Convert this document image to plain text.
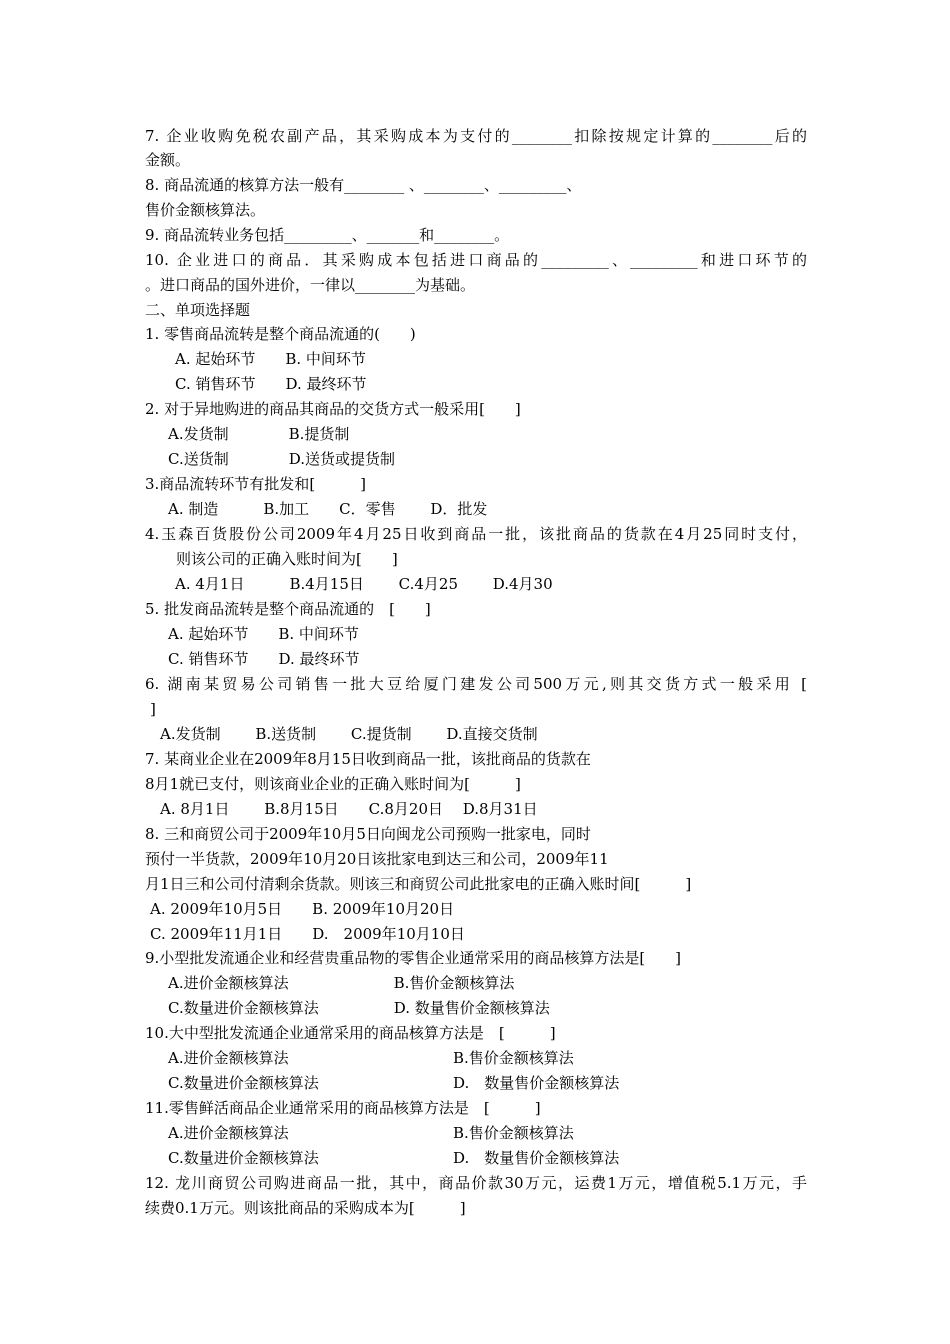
7. 企业收购免税农副产品，其采购成本为支付的________扣除按规定计算的________后的
金额。
8. 商品流通的核算方法一般有________ 、________、_________、
售价金额核算法。
9. 商品流转业务包括_________、_______和________。
10. 企业进口的商品．其采购成本包括进口商品的_________、_________和进口环节的
。进口商品的国外进价，一律以________为基础。
二、单项选择题
1. 零售商品流转是整个商品流通的(　　)
A. 起始环节　　B. 中间环节
C. 销售环节　　D. 最终环节
2. 对于异地购进的商品其商品的交货方式一般采用[　　]
A.发货制　　　　B.提货制
C.送货制　　　　D.送货或提货制
3.商品流转环节有批发和[　　　]
A. 制造　　　B.加工　　C．零售　　 D．批发
4.玉森百货股份公司2009年4月25日收到商品一批，该批商品的货款在4月25同时支付，
则该公司的正确入账时间为[　　]
A. 4月1日　　　B.4月15日　　 C.4月25　　 D.4月30
5. 批发商品流转是整个商品流通的　[　　]
A. 起始环节　　B. 中间环节
C. 销售环节　　D. 最终环节
6. 湖南某贸易公司销售一批大豆给厦门建发公司500万元,则其交货方式一般采用 [
]
A.发货制　　 B.送货制　　 C.提货制　　 D.直接交货制
7. 某商业企业在2009年8月15日收到商品一批，该批商品的货款在
8月1就已支付，则该商业企业的正确入账时间为[　　　]
A. 8月1日　　 B.8月15日　　C.8月20日　 D.8月31日
8. 三和商贸公司于2009年10月5日向闽龙公司预购一批家电，同时
预付一半货款，2009年10月20日该批家电到达三和公司，2009年11
月1日三和公司付清剩余货款。则该三和商贸公司此批家电的正确入账时间[　　　]
A. 2009年10月5日　　B. 2009年10月20日
C. 2009年11月1日　　D.　2009年10月10日
9.小型批发流通企业和经营贵重品物的零售企业通常采用的商品核算方法是[　　]
A.进价金额核算法　　　　　　　B.售价金额核算法
C.数量进价金额核算法　　　　　D. 数量售价金额核算法
10.大中型批发流通企业通常采用的商品核算方法是　[　　　]
A.进价金额核算法	B.售价金额核算法
C.数量进价金额核算法	D.　数量售价金额核算法
11.零售鲜活商品企业通常采用的商品核算方法是　[　　　]
A.进价金额核算法	B.售价金额核算法
C.数量进价金额核算法	D.　数量售价金额核算法
12. 龙川商贸公司购进商品一批，其中，商品价款30万元，运费1万元，增值税5.1万元，手
续费0.1万元。则该批商品的采购成本为[　　　]
